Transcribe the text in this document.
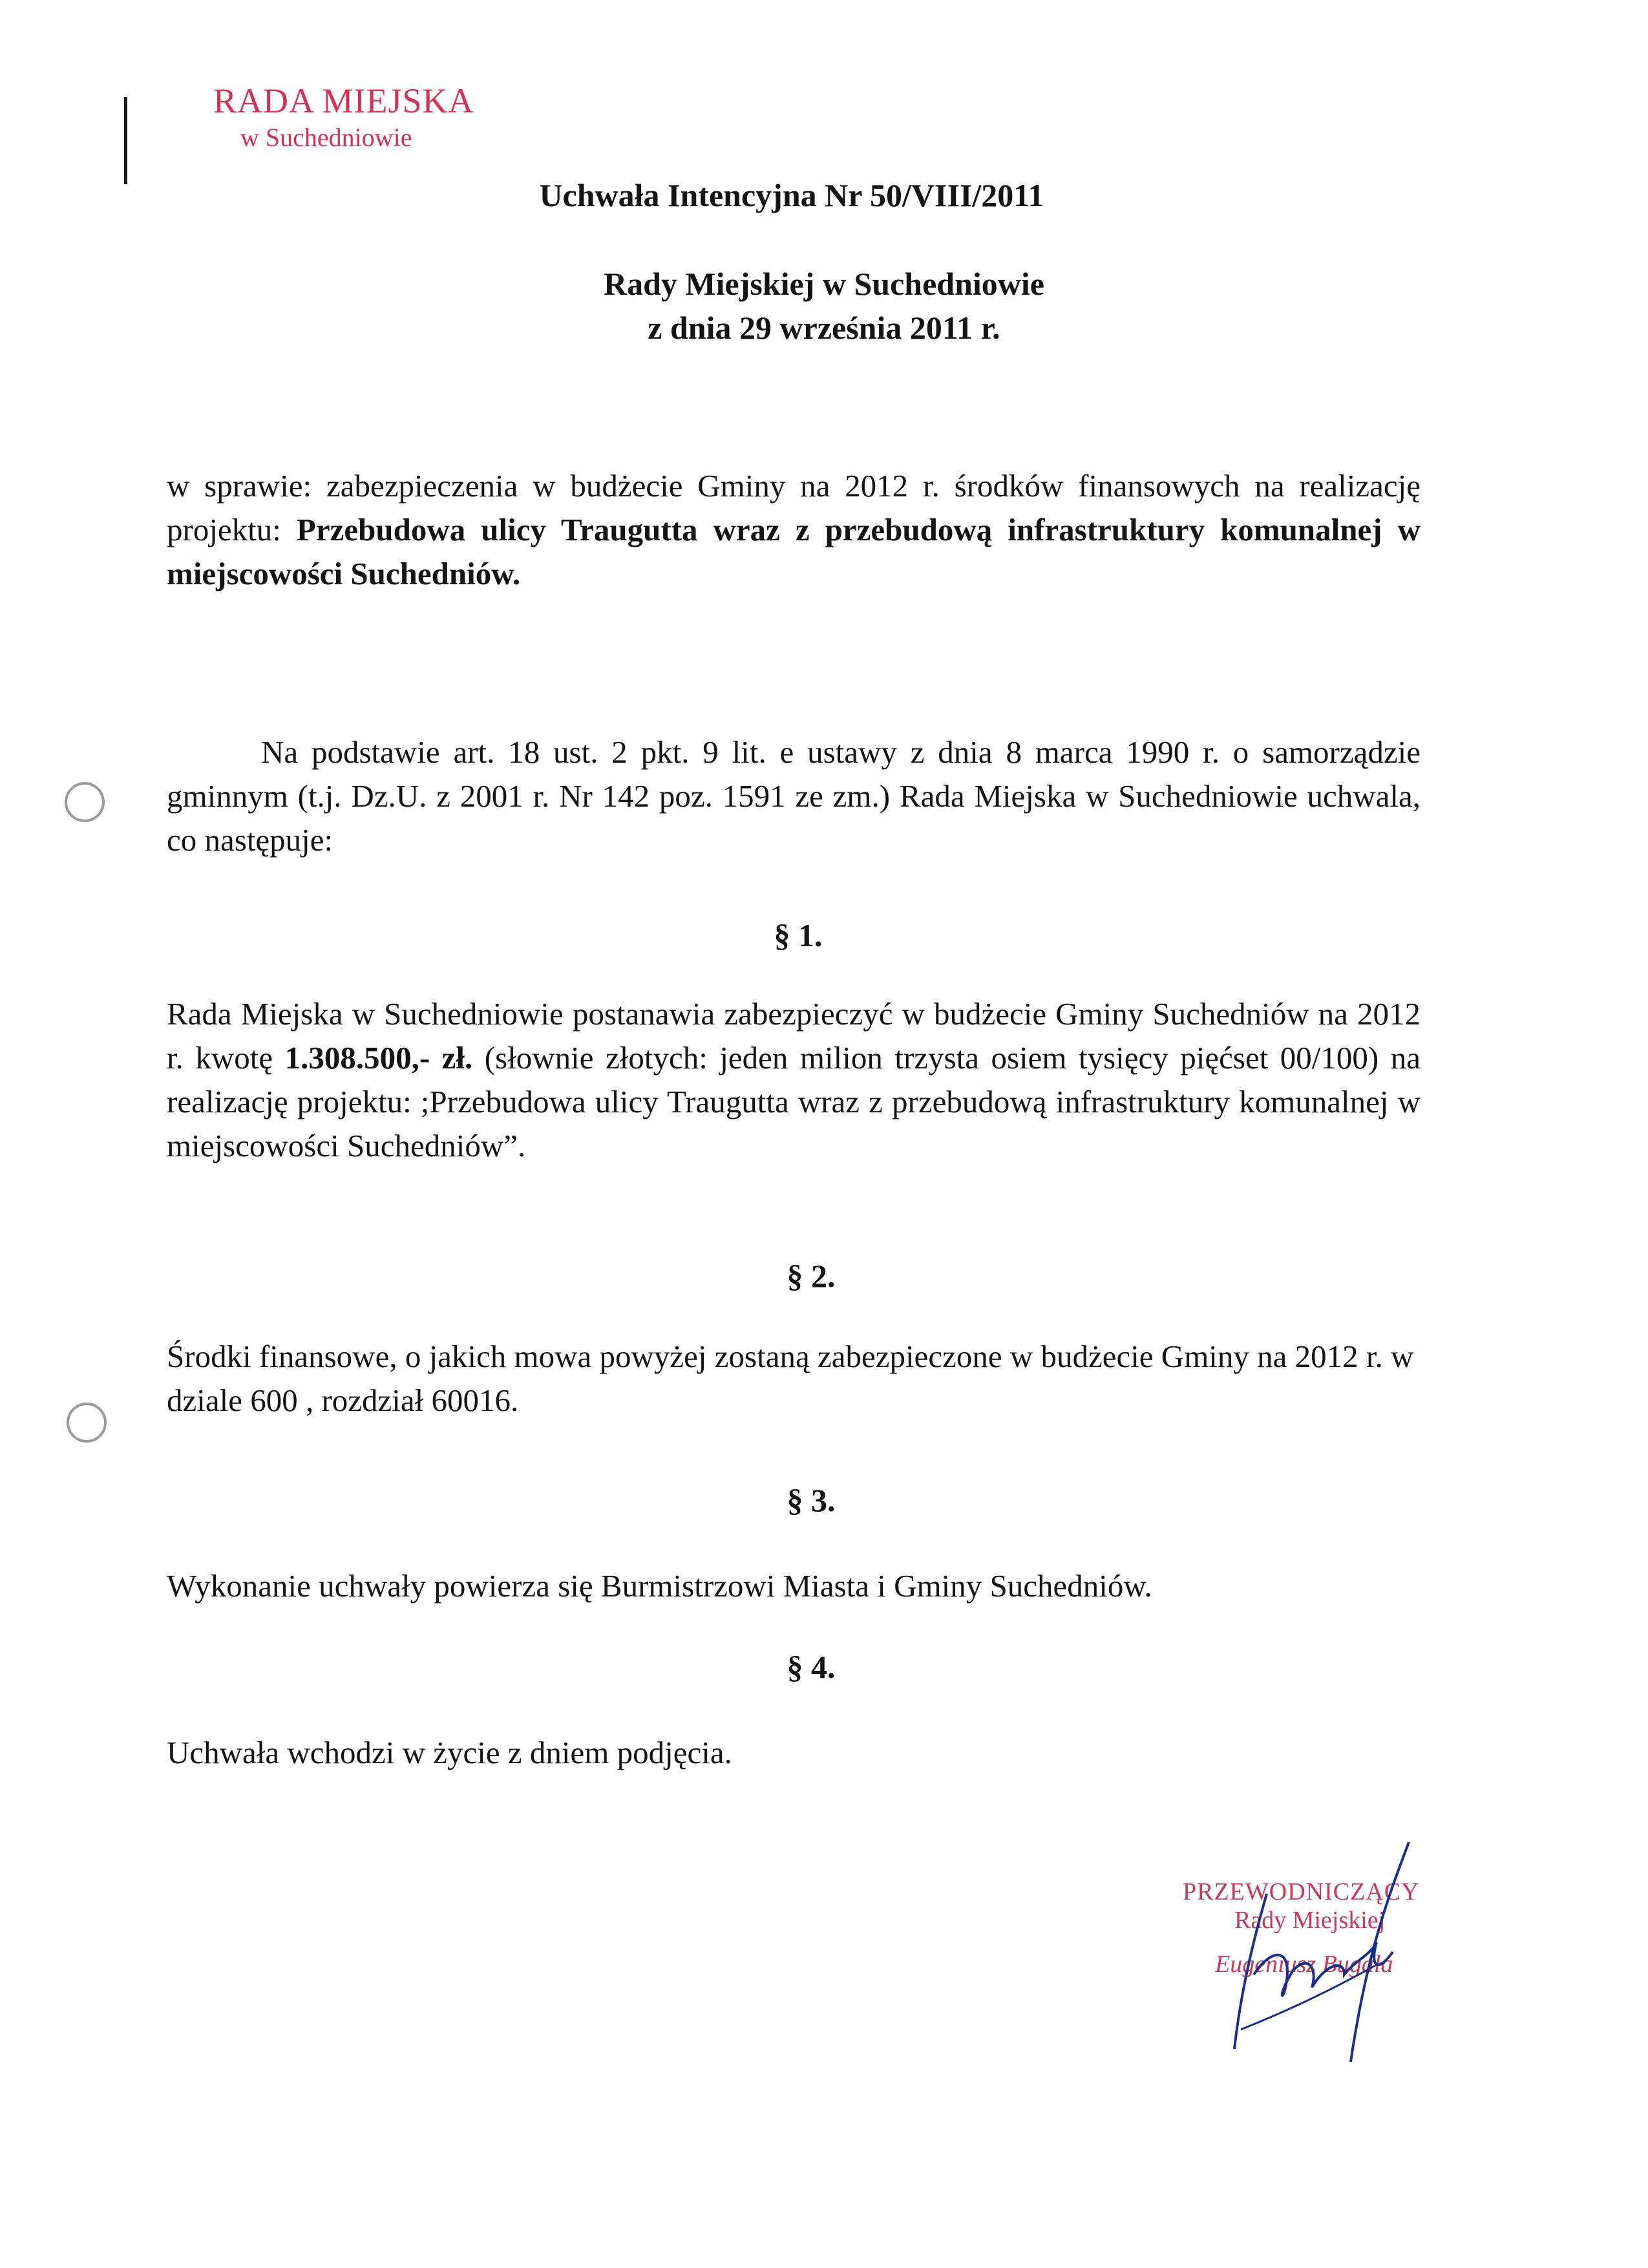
RADA MIEJSKA
w Suchedniowie
Uchwała Intencyjna Nr 50/VIII/2011
Rady Miejskiej w Suchedniowie
z dnia 29 września 2011 r.
w sprawie: zabezpieczenia w budżecie Gminy na 2012 r. środków finansowych na realizację projektu: Przebudowa ulicy Traugutta wraz z przebudową infrastruktury komunalnej w miejscowości Suchedniów.
Na podstawie art. 18 ust. 2 pkt. 9 lit. e ustawy z dnia 8 marca 1990 r. o samorządzie gminnym (t.j. Dz.U. z 2001 r. Nr 142 poz. 1591 ze zm.) Rada Miejska w Suchedniowie uchwala, co następuje:
§ 1.
Rada Miejska w Suchedniowie postanawia zabezpieczyć w budżecie Gminy Suchedniów na 2012 r. kwotę 1.308.500,- zł. (słownie złotych: jeden milion trzysta osiem tysięcy pięćset 00/100) na realizację projektu: ;Przebudowa ulicy Traugutta wraz z przebudową infrastruktury komunalnej w miejscowości Suchedniów”.
§ 2.
Środki finansowe, o jakich mowa powyżej zostaną zabezpieczone w budżecie Gminy na 2012 r. w dziale 600 , rozdział 60016.
§ 3.
Wykonanie uchwały powierza się Burmistrzowi Miasta i Gminy Suchedniów.
§ 4.
Uchwała wchodzi w życie z dniem podjęcia.
PRZEWODNICZĄCY
Rady Miejskiej
Eugeniusz Bugała
